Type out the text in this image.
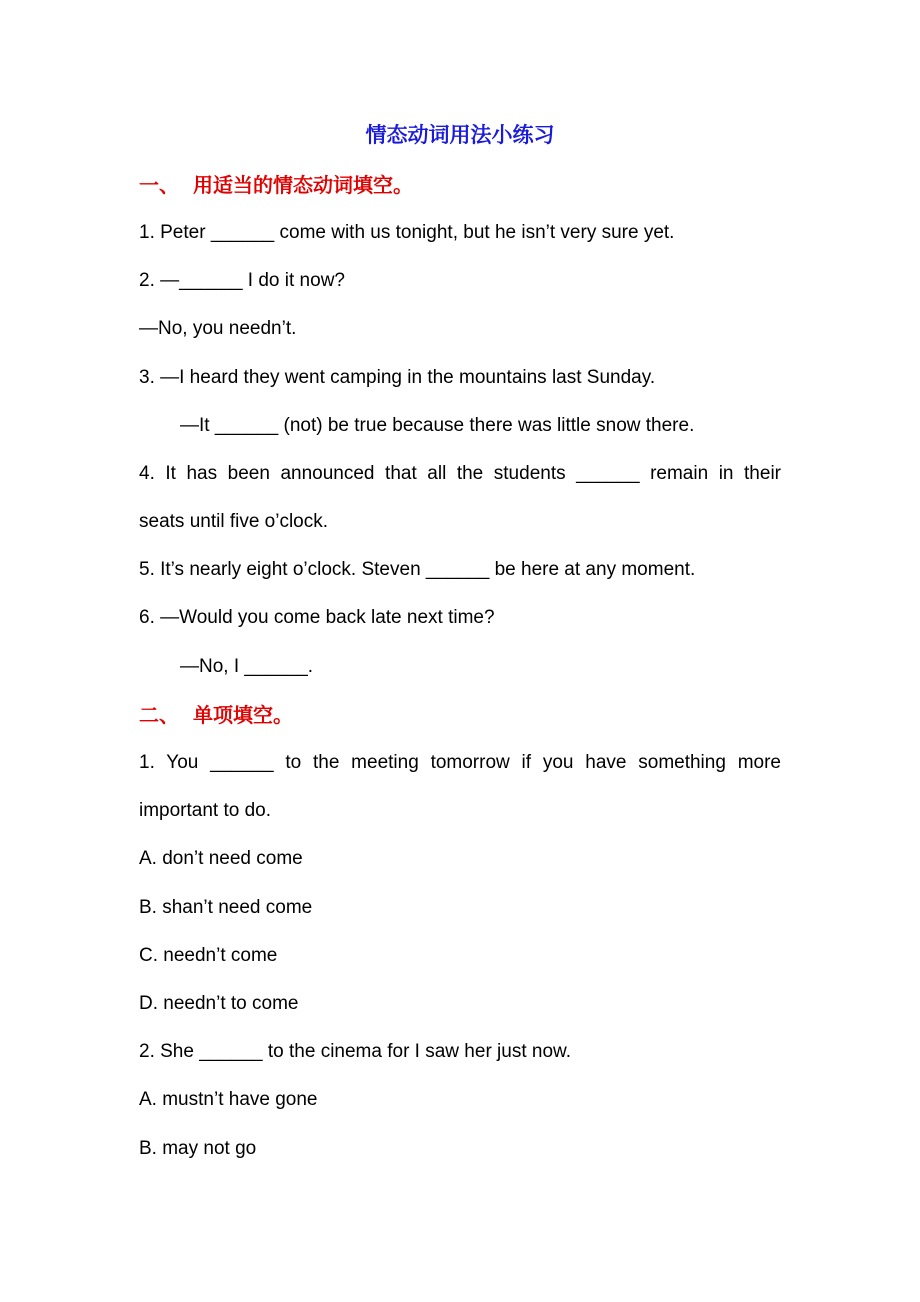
情态动词用法小练习
一、 用适当的情态动词填空。
1. Peter ______ come with us tonight, but he isn’t very sure yet.
2. —______ I do it now?
—No, you needn’t.
3. —I heard they went camping in the mountains last Sunday.
—It ______ (not) be true because there was little snow there.
4. It has been announced that all the students ______ remain in their
seats until five o’clock.
5. It’s nearly eight o’clock. Steven ______ be here at any moment.
6. —Would you come back late next time?
—No, I ______.
二、 单项填空。
1. You ______ to the meeting tomorrow if you have something more
important to do.
A. don’t need come
B. shan’t need come
C. needn’t come
D. needn’t to come
2. She ______ to the cinema for I saw her just now.
A. mustn’t have gone
B. may not go
